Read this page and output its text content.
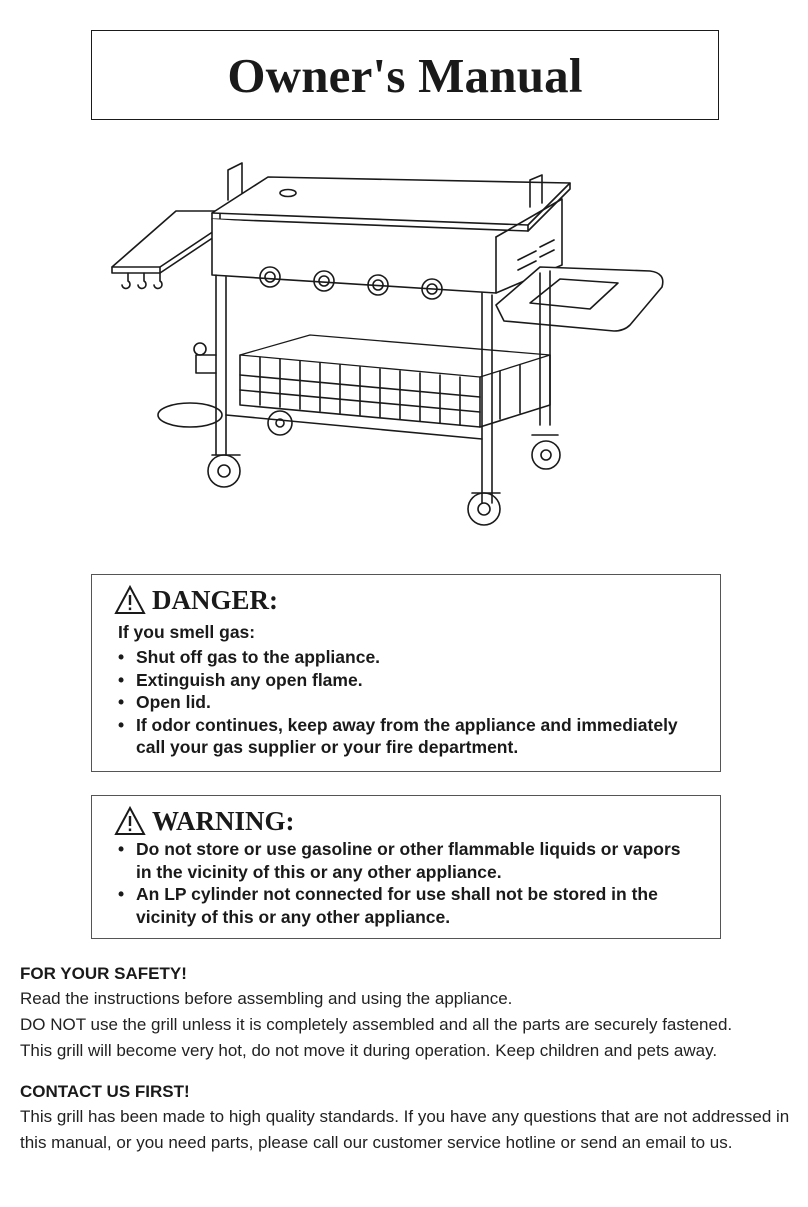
Owner's Manual
DANGER:
If you smell gas:
• Shut off gas to the appliance.
• Extinguish any open flame.
• Open lid.
• If odor continues, keep away from the appliance and immediately call your gas supplier or your fire department.
WARNING:
• Do not store or use gasoline or other flammable liquids or vapors in the vicinity of this or any other appliance.
• An LP cylinder not connected for use shall not be stored in the vicinity of this or any other appliance.
FOR YOUR SAFETY!

Read the instructions before assembling and using the appliance.

DO NOT use the grill unless it is completely assembled and all the parts are securely fastened.

This grill will become very hot, do not move it during operation. Keep children and pets away.

CONTACT US FIRST!

This grill has been made to high quality standards. If you have any questions that are not addressed in this manual, or you need parts, please call our customer service hotline or send an email to us.
